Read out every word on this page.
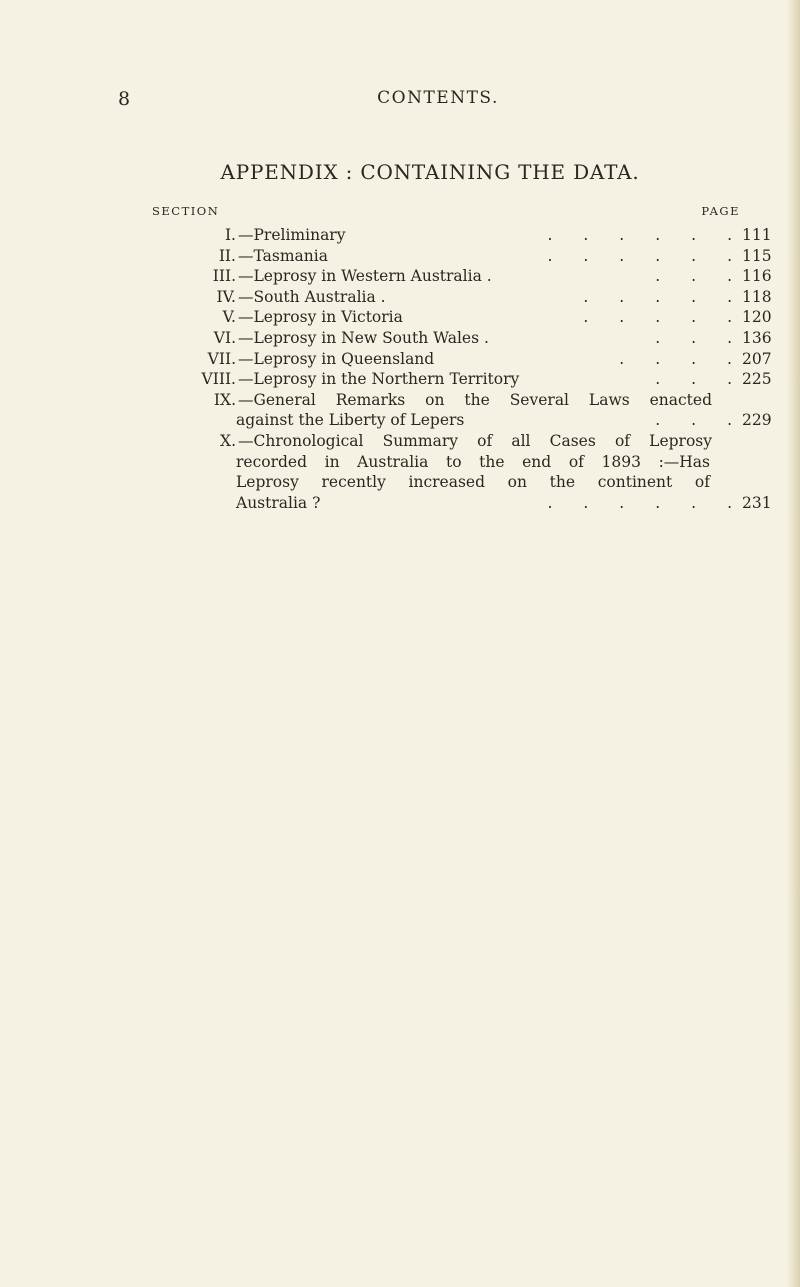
8	CONTENTS.
APPENDIX : CONTAINING THE DATA.
SECTION	PAGE
I. —Preliminary	.  .  .  .  .  . 111
II. —Tasmania	.  .  .  .  .  . 115
III. —Leprosy in Western Australia .	.  .  . 116
IV. —South Australia .	.  .  .  .  . 118
V. —Leprosy in Victoria	.  .  .  .  . 120
VI. —Leprosy in New South Wales .	.  .  . 136
VII. —Leprosy in Queensland	.  .  .  . 207
VIII. —Leprosy in the Northern Territory	.  .  . 225
IX. —General Remarks on the Several Laws enacted
against the Liberty of Lepers	.  .  . 229
X. —Chronological Summary of all Cases of Leprosy
recorded in Australia to the end of 1893 :—Has
Leprosy recently increased on the continent of
Australia ?	.  .  .  .  .  . 231
